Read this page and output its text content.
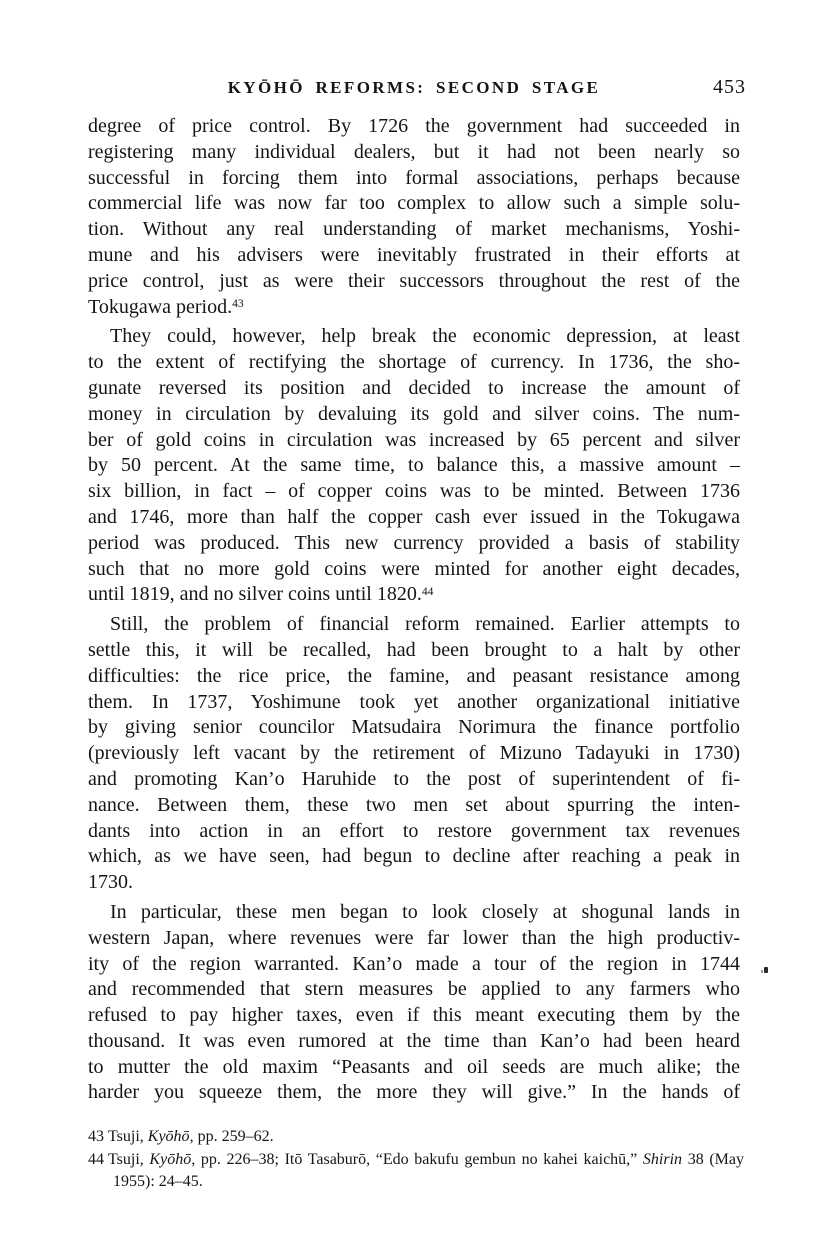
KYŌHŌ REFORMS: SECOND STAGE	453
degree of price control. By 1726 the government had succeeded in
registering many individual dealers, but it had not been nearly so
successful in forcing them into formal associations, perhaps because
commercial life was now far too complex to allow such a simple solu-
tion. Without any real understanding of market mechanisms, Yoshi-
mune and his advisers were inevitably frustrated in their efforts at
price control, just as were their successors throughout the rest of the
Tokugawa period.$^{43}$
They could, however, help break the economic depression, at least
to the extent of rectifying the shortage of currency. In 1736, the sho-
gunate reversed its position and decided to increase the amount of
money in circulation by devaluing its gold and silver coins. The num-
ber of gold coins in circulation was increased by 65 percent and silver
by 50 percent. At the same time, to balance this, a massive amount –
six billion, in fact – of copper coins was to be minted. Between 1736
and 1746, more than half the copper cash ever issued in the Tokugawa
period was produced. This new currency provided a basis of stability
such that no more gold coins were minted for another eight decades,
until 1819, and no silver coins until 1820.44
Still, the problem of financial reform remained. Earlier attempts to
settle this, it will be recalled, had been brought to a halt by other
difficulties: the rice price, the famine, and peasant resistance among
them. In 1737, Yoshimune took yet another organizational initiative
by giving senior councilor Matsudaira Norimura the finance portfolio
(previously left vacant by the retirement of Mizuno Tadayuki in 1730)
and promoting Kan’o Haruhide to the post of superintendent of fi-
nance. Between them, these two men set about spurring the inten-
dants into action in an effort to restore government tax revenues
which, as we have seen, had begun to decline after reaching a peak in
1730.
In particular, these men began to look closely at shogunal lands in
western Japan, where revenues were far lower than the high productiv-
ity of the region warranted. Kan’o made a tour of the region in 1744
and recommended that stern measures be applied to any farmers who
refused to pay higher taxes, even if this meant executing them by the
thousand. It was even rumored at the time than Kan’o had been heard
to mutter the old maxim “Peasants and oil seeds are much alike; the
harder you squeeze them, the more they will give.” In the hands of
43 Tsuji, Kyōhō, pp. 259–62.
44 Tsuji, Kyōhō, pp. 226–38; Itō Tasaburō, “Edo bakufu gembun no kahei kaichū,” Shirin 38 (May 1955): 24–45.
